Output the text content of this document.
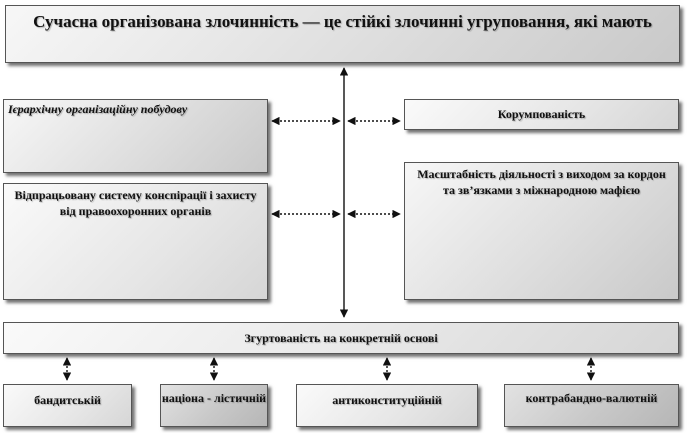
Сучасна організована злочинність — це стійкі злочинні угруповання, які мають
Ієрархічну організаційну побудову	Корумпованість
Відпрацьовану систему конспірації і захисту від правоохоронних органів
Масштабність діяльності з виходом за кордон та зв’язками з міжнародною мафією
Згуртованість на конкретній основі
бандитській	націона - лістичній	антиконституційній	контрабандно-валютній
